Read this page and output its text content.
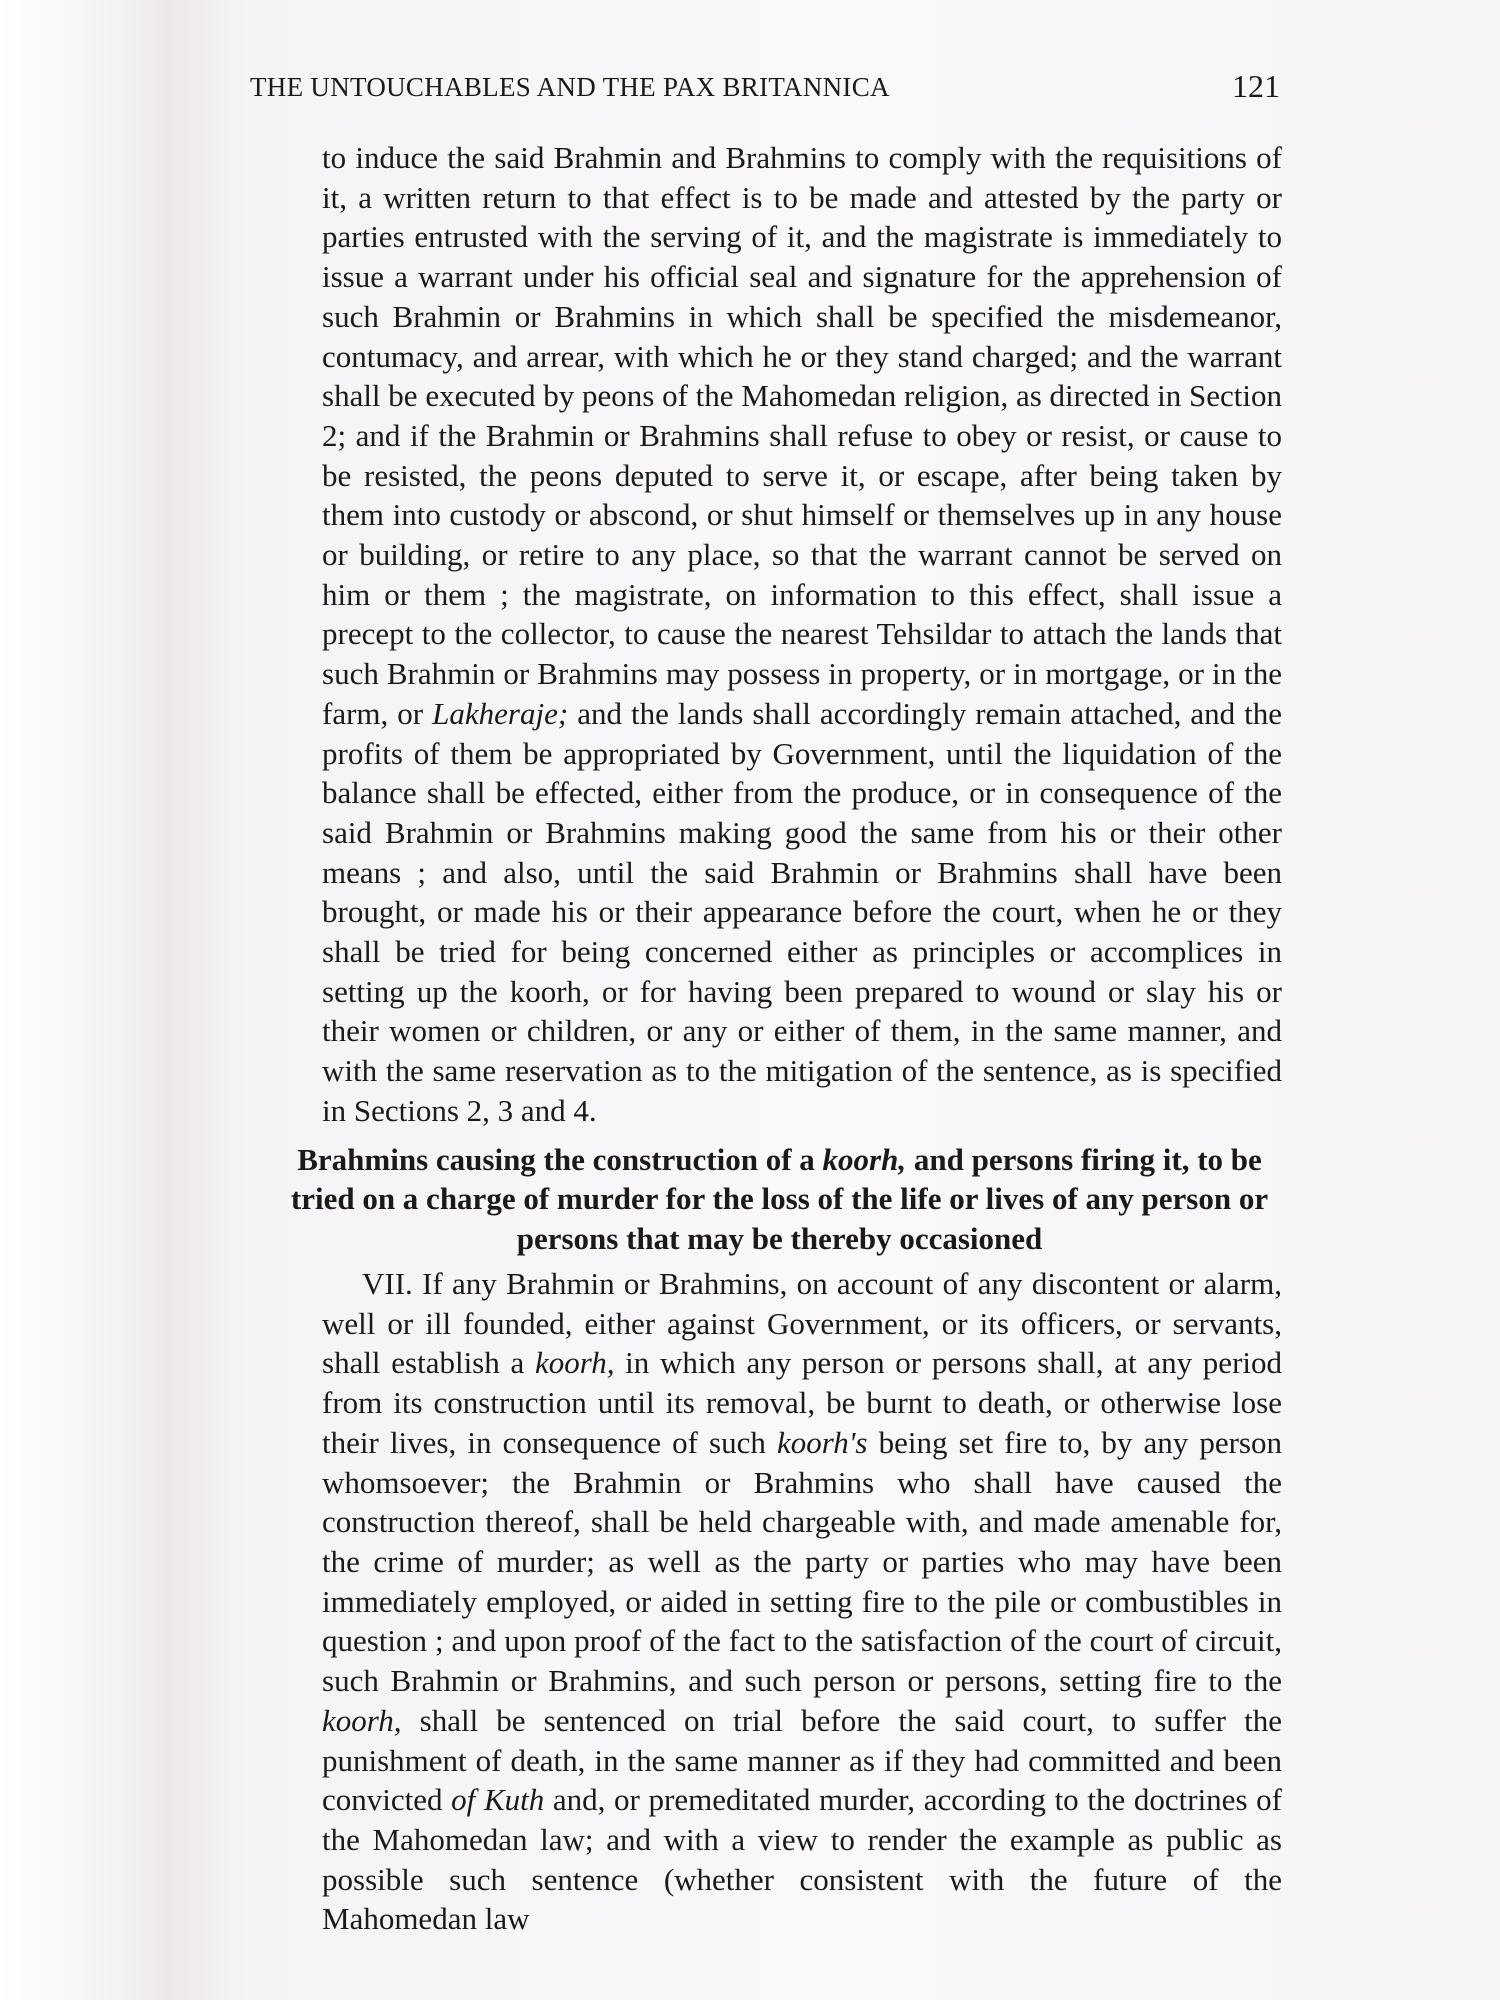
THE UNTOUCHABLES AND THE PAX BRITANNICA	121

to induce the said Brahmin and Brahmins to comply with the requisitions of it, a written return to that effect is to be made and attested by the party or parties entrusted with the serving of it, and the magistrate is immediately to issue a warrant under his official seal and signature for the apprehension of such Brahmin or Brahmins in which shall be specified the misdemeanor, contumacy, and arrear, with which he or they stand charged; and the warrant shall be executed by peons of the Mahomedan religion, as directed in Section 2; and if the Brahmin or Brahmins shall refuse to obey or resist, or cause to be resisted, the peons deputed to serve it, or escape, after being taken by them into custody or abscond, or shut himself or themselves up in any house or building, or retire to any place, so that the warrant cannot be served on him or them ; the magistrate, on information to this effect, shall issue a precept to the collector, to cause the nearest Tehsildar to attach the lands that such Brahmin or Brahmins may possess in property, or in mortgage, or in the farm, or Lakheraje; and the lands shall accordingly remain attached, and the profits of them be appropriated by Government, until the liquidation of the balance shall be effected, either from the produce, or in consequence of the said Brahmin or Brahmins making good the same from his or their other means ; and also, until the said Brahmin or Brahmins shall have been brought, or made his or their appearance before the court, when he or they shall be tried for being concerned either as principles or accomplices in setting up the koorh, or for having been prepared to wound or slay his or their women or children, or any or either of them, in the same manner, and with the same reservation as to the mitigation of the sentence, as is specified in Sections 2, 3 and 4.

Brahmins causing the construction of a koorh, and persons firing it, to be tried on a charge of murder for the loss of the life or lives of any person or persons that may be thereby occasioned

VII. If any Brahmin or Brahmins, on account of any discontent or alarm, well or ill founded, either against Government, or its officers, or servants, shall establish a koorh, in which any person or persons shall, at any period from its construction until its removal, be burnt to death, or otherwise lose their lives, in consequence of such koorh's being set fire to, by any person whomsoever; the Brahmin or Brahmins who shall have caused the construction thereof, shall be held chargeable with, and made amenable for, the crime of murder; as well as the party or parties who may have been immediately employed, or aided in setting fire to the pile or combustibles in question ; and upon proof of the fact to the satisfaction of the court of circuit, such Brahmin or Brahmins, and such person or persons, setting fire to the koorh, shall be sentenced on trial before the said court, to suffer the punishment of death, in the same manner as if they had committed and been convicted of Kuth and, or premeditated murder, according to the doctrines of the Mahomedan law; and with a view to render the example as public as possible such sentence (whether consistent with the future of the Mahomedan law
